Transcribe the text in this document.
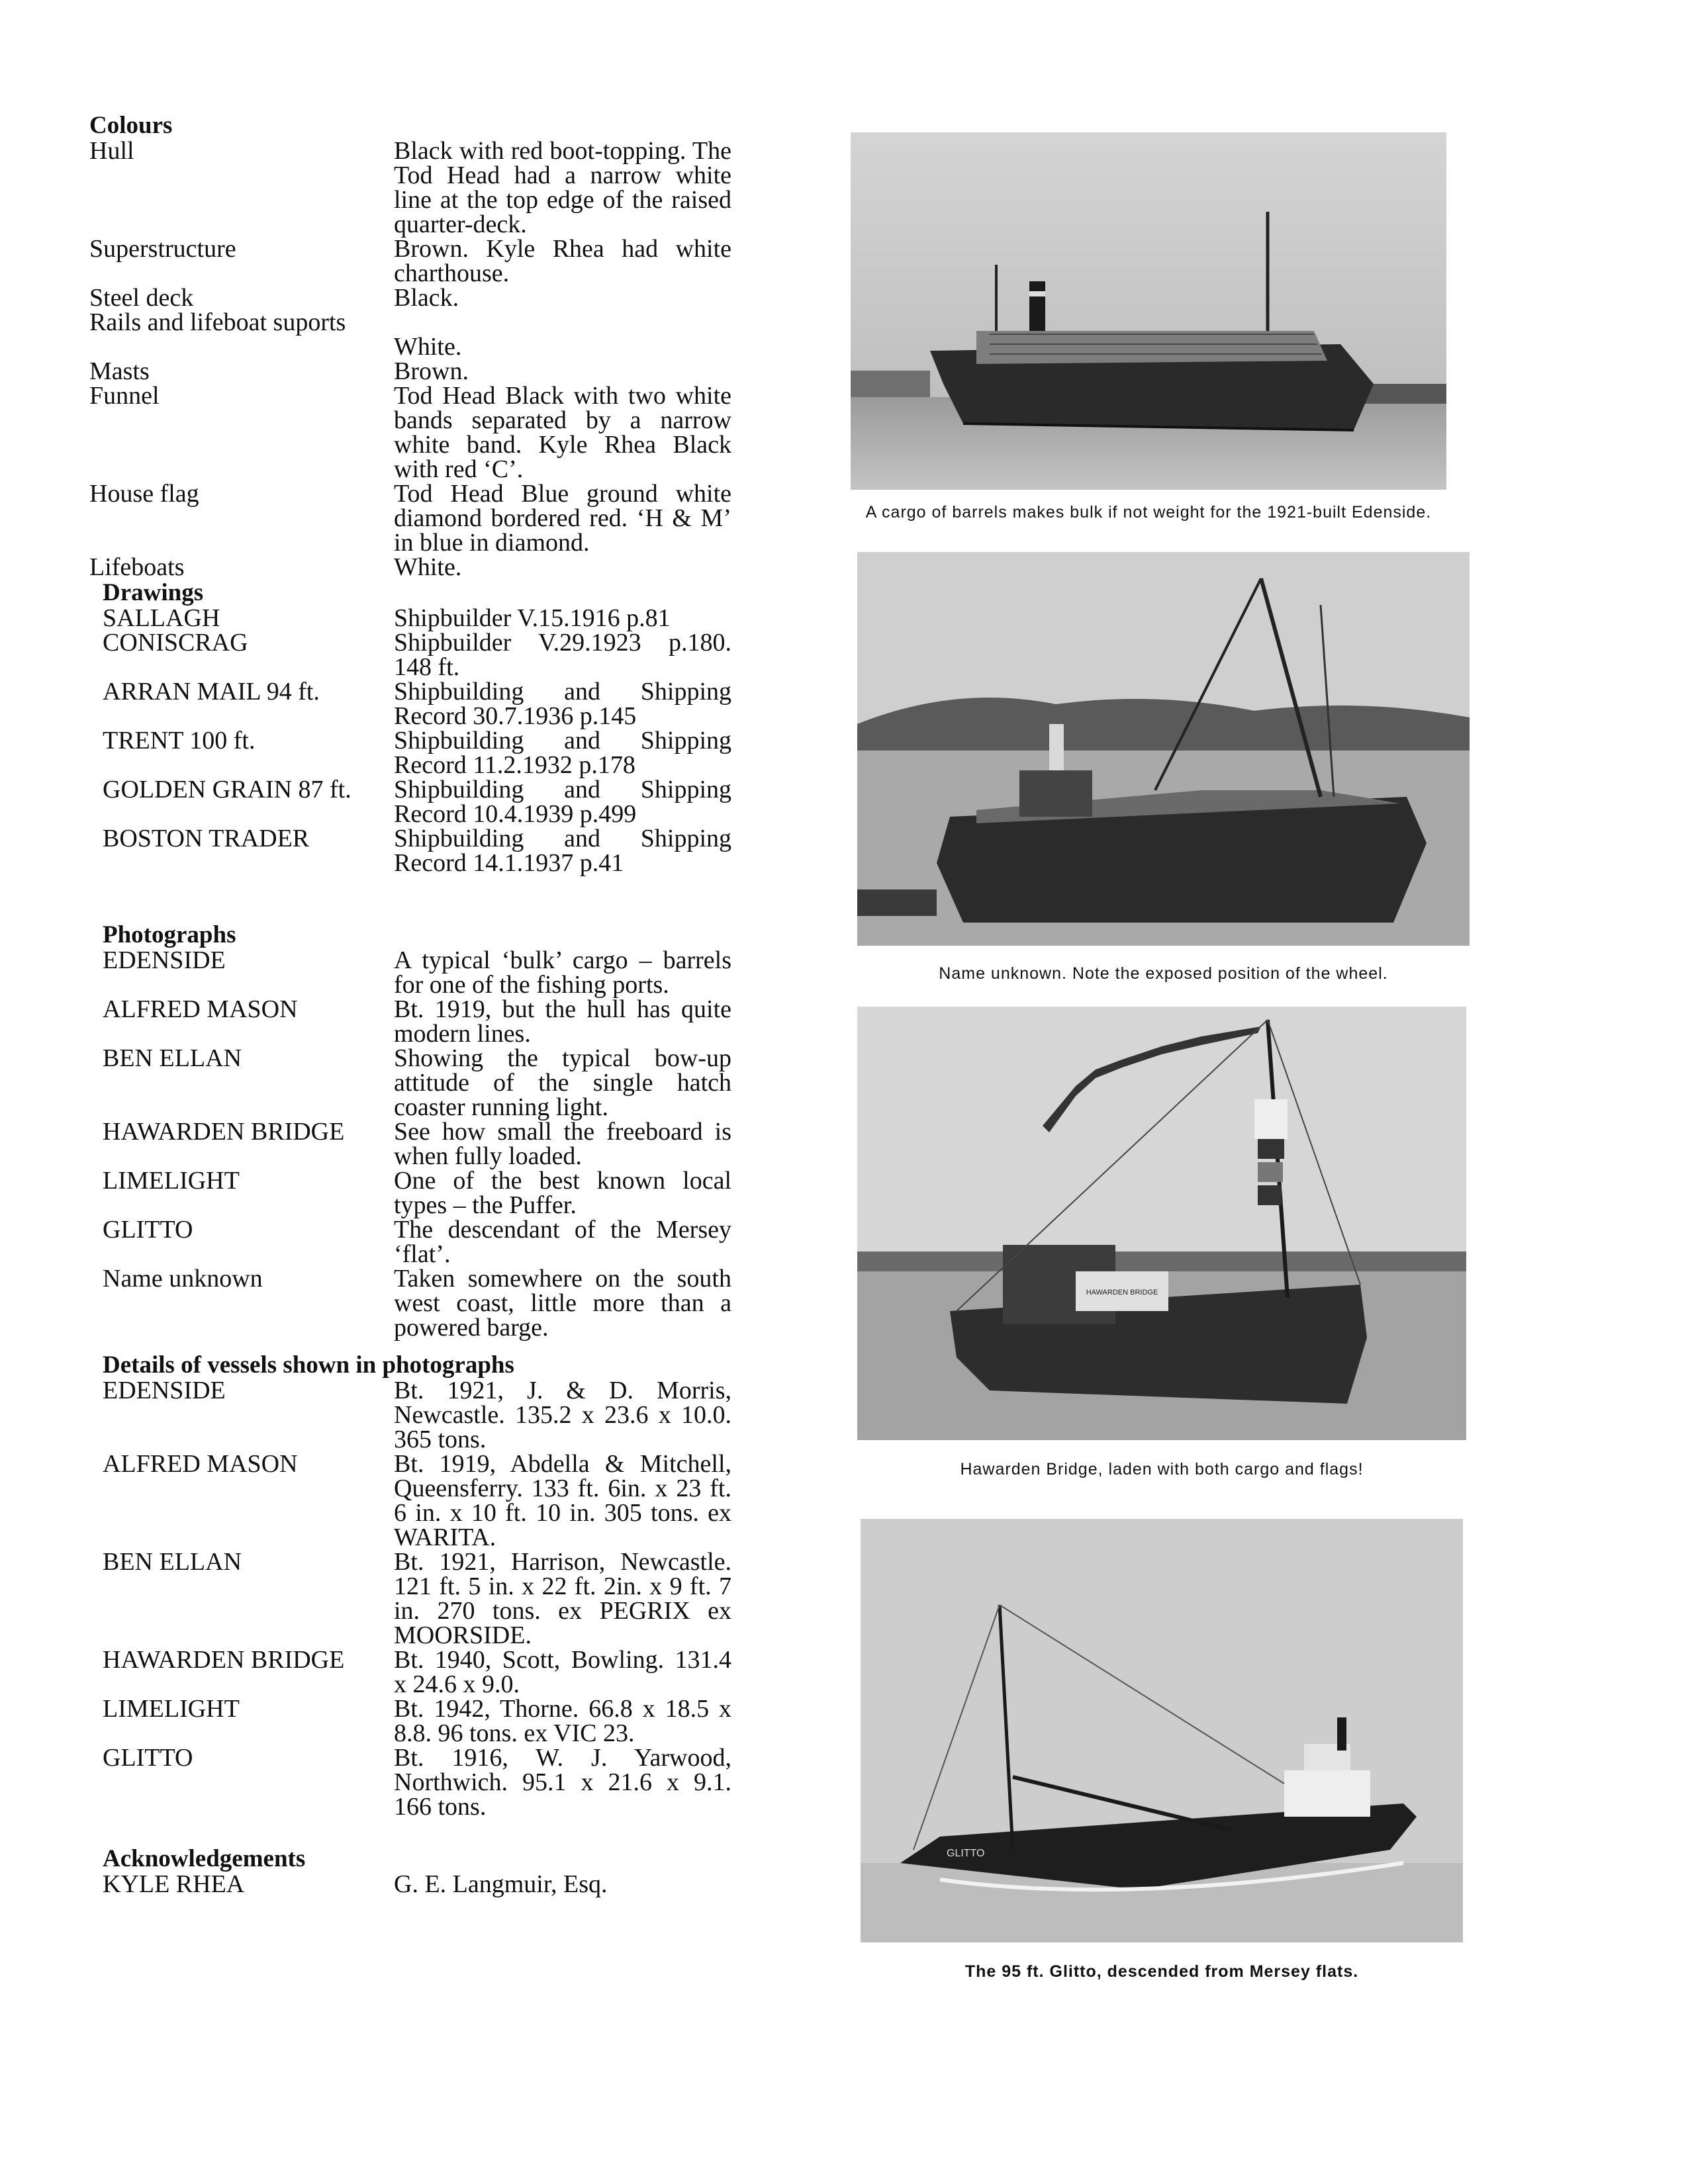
Colours

Hull	Black with red boot-topping. The Tod Head had a narrow white line at the top edge of the raised quarter-deck.
Superstructure	Brown. Kyle Rhea had white charthouse.
Steel deck	Black.
Rails and lifeboat suports
White.
Masts	Brown.
Funnel	Tod Head Black with two white bands separated by a narrow white band. Kyle Rhea Black with red ‘C’.
House flag	Tod Head Blue ground white diamond bordered red. ‘H & M’ in blue in diamond.
Lifeboats	White.

Drawings

SALLAGH	Shipbuilder V.15.1916 p.81
CONISCRAG	Shipbuilder V.29.1923 p.180. 148 ft.
ARRAN MAIL 94 ft.	Shipbuilding and Shipping Record 30.7.1936 p.145
TRENT 100 ft.	Shipbuilding and Shipping Record 11.2.1932 p.178
GOLDEN GRAIN 87 ft.	Shipbuilding and Shipping Record 10.4.1939 p.499
BOSTON TRADER	Shipbuilding and Shipping Record 14.1.1937 p.41

Photographs

EDENSIDE	A typical ‘bulk’ cargo – barrels for one of the fishing ports.
ALFRED MASON	Bt. 1919, but the hull has quite modern lines.
BEN ELLAN	Showing the typical bow-up attitude of the single hatch coaster running light.
HAWARDEN BRIDGE	See how small the freeboard is when fully loaded.
LIMELIGHT	One of the best known local types – the Puffer.
GLITTO	The descendant of the Mersey ‘flat’.
Name unknown	Taken somewhere on the south west coast, little more than a powered barge.

Details of vessels shown in photographs

EDENSIDE	Bt. 1921, J. & D. Morris, Newcastle. 135.2 x 23.6 x 10.0. 365 tons.
ALFRED MASON	Bt. 1919, Abdella & Mitchell, Queensferry. 133 ft. 6in. x 23 ft. 6 in. x 10 ft. 10 in. 305 tons. ex WARITA.
BEN ELLAN	Bt. 1921, Harrison, Newcastle. 121 ft. 5 in. x 22 ft. 2in. x 9 ft. 7 in. 270 tons. ex PEGRIX ex MOORSIDE.
HAWARDEN BRIDGE	Bt. 1940, Scott, Bowling. 131.4 x 24.6 x 9.0.
LIMELIGHT	Bt. 1942, Thorne. 66.8 x 18.5 x 8.8. 96 tons. ex VIC 23.
GLITTO	Bt. 1916, W. J. Yarwood, Northwich. 95.1 x 21.6 x 9.1. 166 tons.

Acknowledgements

KYLE RHEA	G. E. Langmuir, Esq.

A cargo of barrels makes bulk if not weight for the 1921-built Edenside.

Name unknown. Note the exposed position of the wheel.

HAWARDEN BRIDGE

Hawarden Bridge, laden with both cargo and flags!

GLITTO

The 95 ft. Glitto, descended from Mersey flats.
